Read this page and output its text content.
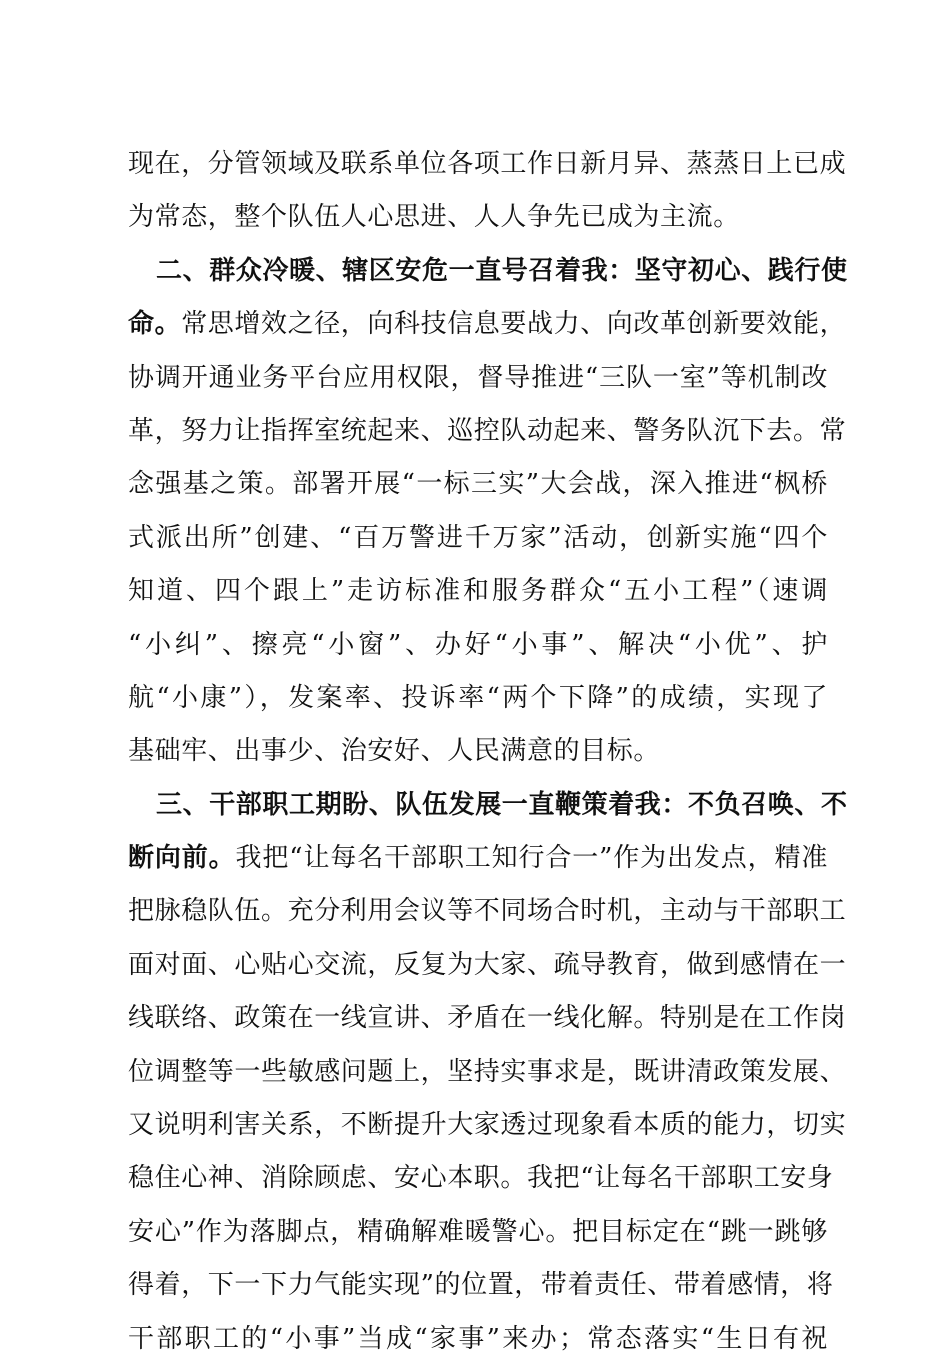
现在，分管领域及联系单位各项工作日新月异、蒸蒸日上已成
为常态，整个队伍人心思进、人人争先已成为主流。
二、群众冷暖、辖区安危一直号召着我：坚守初心、践行使
命。常思增效之径，向科技信息要战力、向改革创新要效能，
协调开通业务平台应用权限，督导推进“三队一室”等机制改
革，努力让指挥室统起来、巡控队动起来、警务队沉下去。常
念强基之策。部署开展“一标三实”大会战，深入推进“枫桥
式派出所”创建、“百万警进千万家”活动，创新实施“四个
知道、四个跟上”走访标准和服务群众“五小工程”（速调
“小纠”、擦亮“小窗”、办好“小事”、解决“小优”、护
航“小康”），发案率、投诉率“两个下降”的成绩，实现了
基础牢、出事少、治安好、人民满意的目标。
三、干部职工期盼、队伍发展一直鞭策着我：不负召唤、不
断向前。我把“让每名干部职工知行合一”作为出发点，精准
把脉稳队伍。充分利用会议等不同场合时机，主动与干部职工
面对面、心贴心交流，反复为大家、疏导教育，做到感情在一
线联络、政策在一线宣讲、矛盾在一线化解。特别是在工作岗
位调整等一些敏感问题上，坚持实事求是，既讲清政策发展、
又说明利害关系，不断提升大家透过现象看本质的能力，切实
稳住心神、消除顾虑、安心本职。我把“让每名干部职工安身
安心”作为落脚点，精确解难暖警心。把目标定在“跳一跳够
得着，下一下力气能实现”的位置，带着责任、带着感情，将
干部职工的“小事”当成“家事”来办；常态落实“生日有祝
